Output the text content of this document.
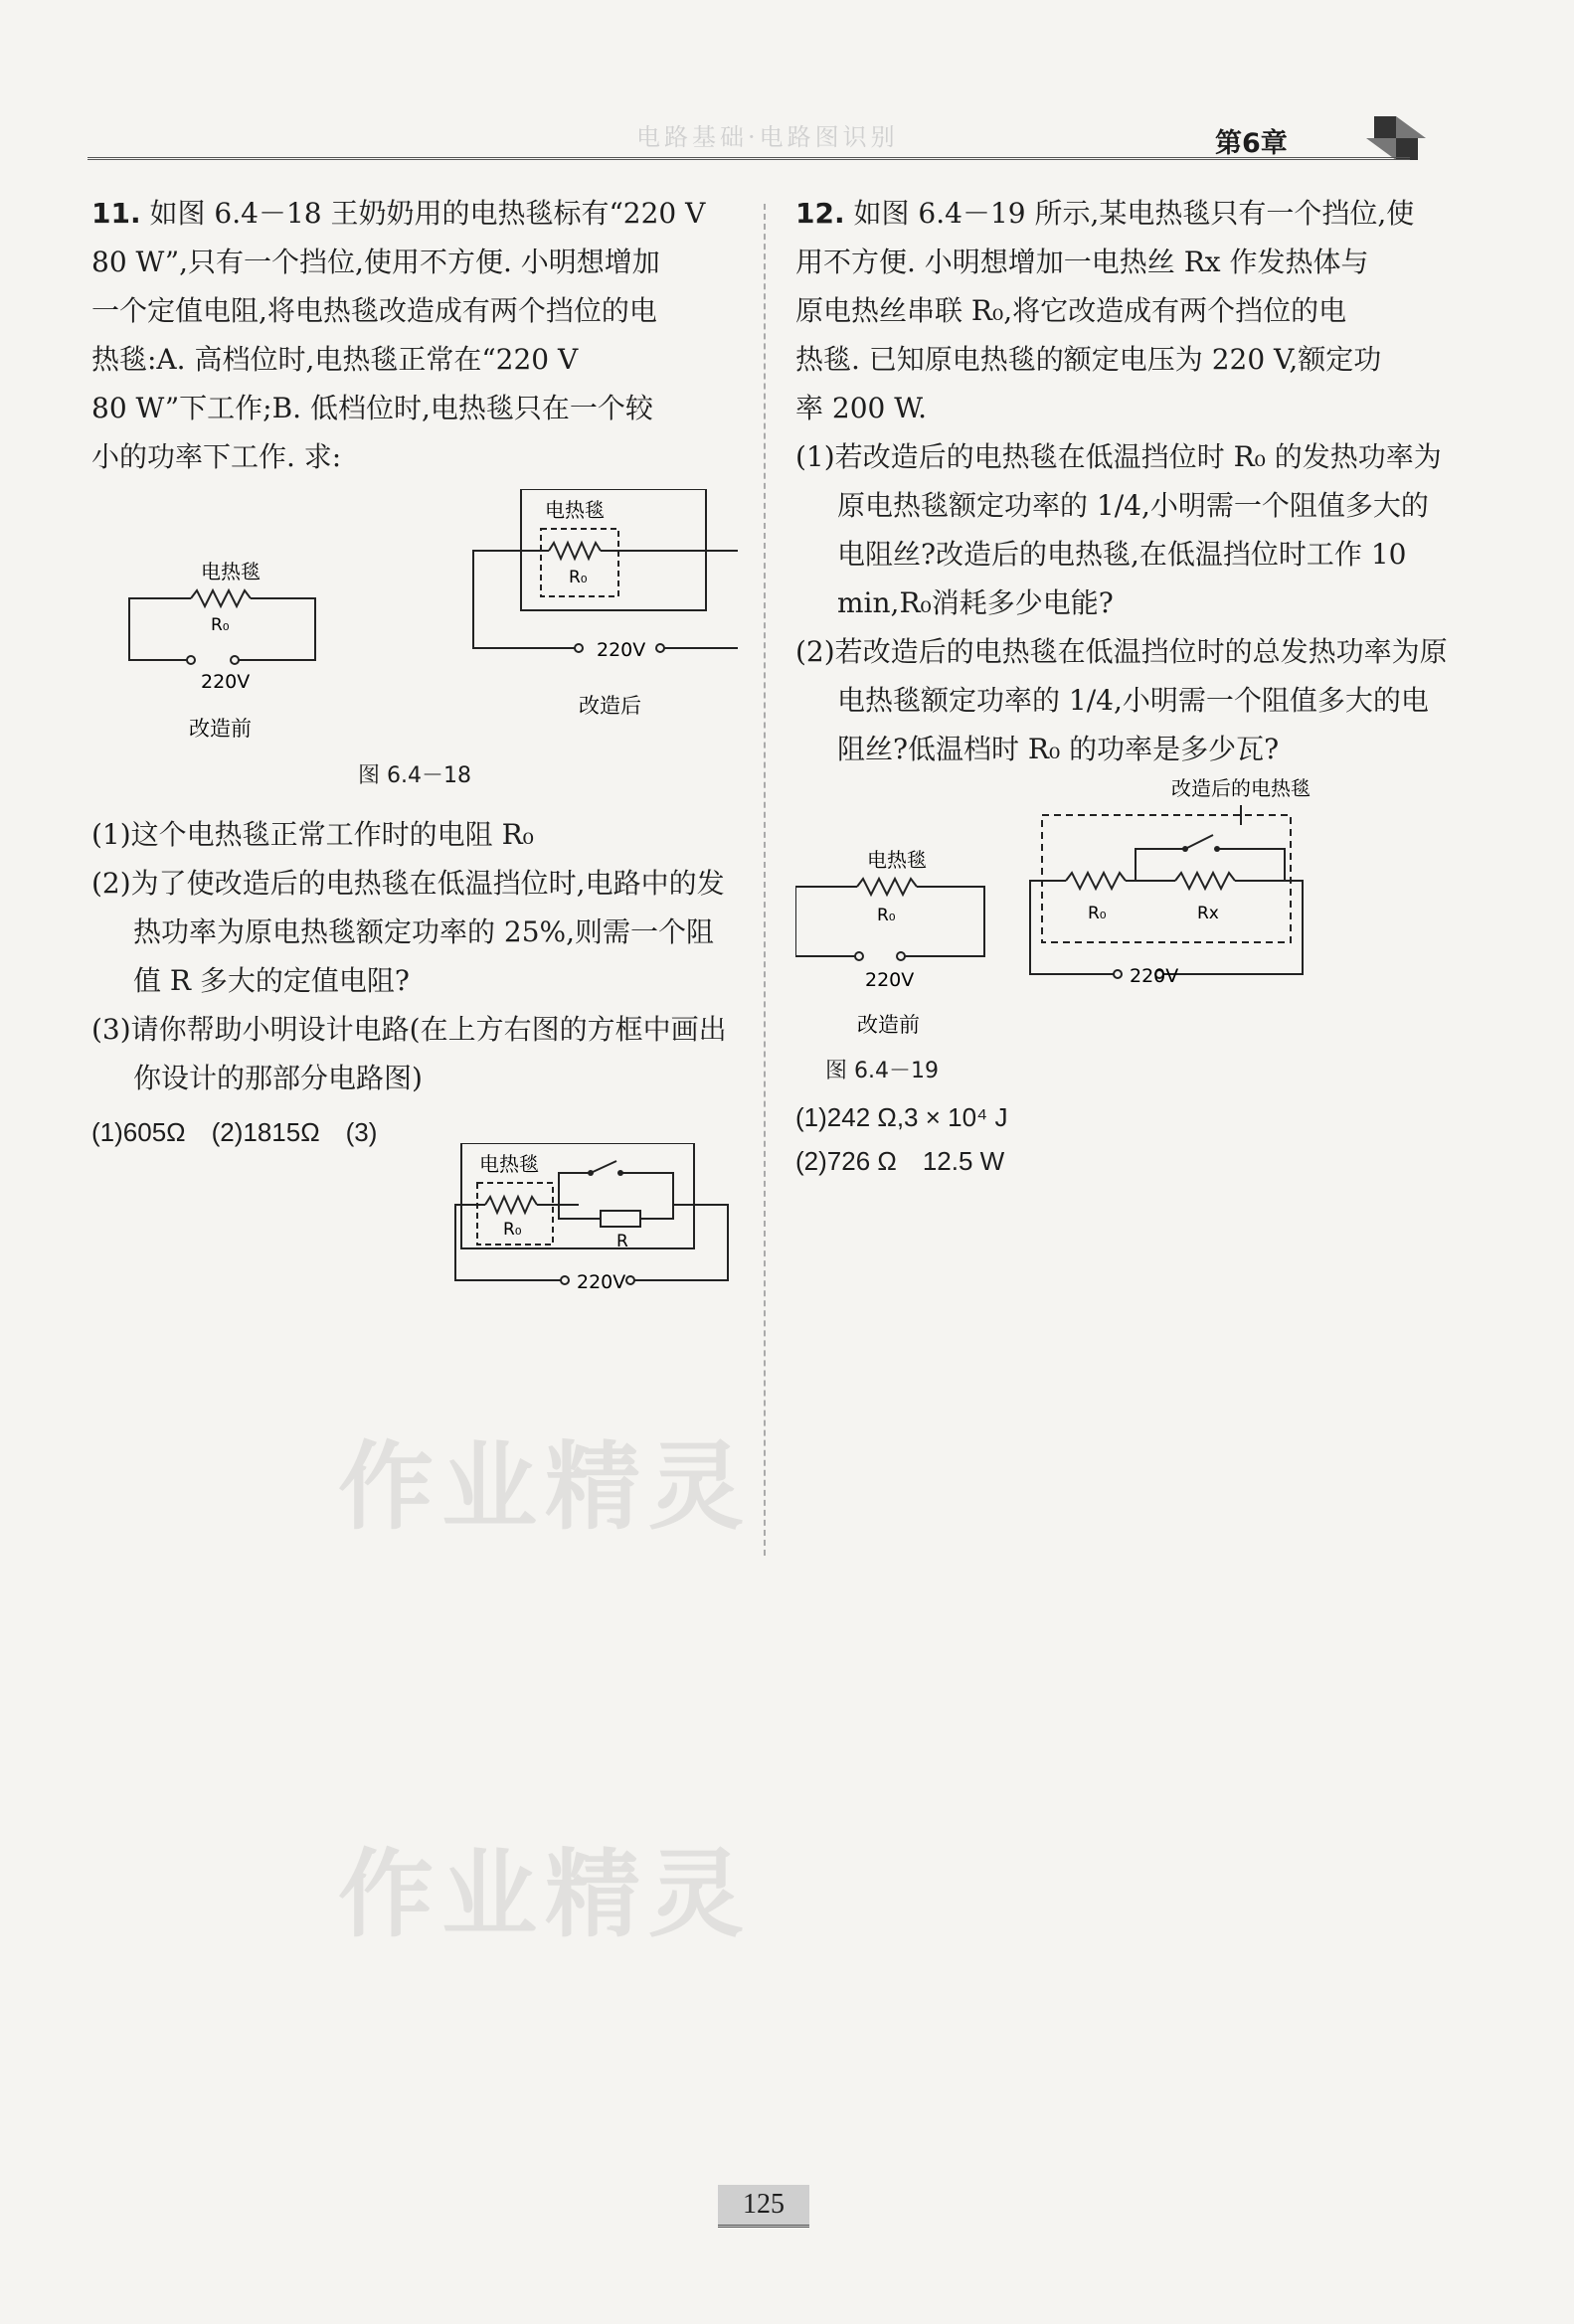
电路基础·电路图识别	第6章

11. 如图 6.4－18 王奶奶用的电热毯标有“220 V

80 W”,只有一个挡位,使用不方便. 小明想增加

一个定值电阻,将电热毯改造成有两个挡位的电

热毯:A. 高档位时,电热毯正常在“220 V

80 W”下工作;B. 低档位时,电热毯只在一个较

小的功率下工作. 求:

电热毯
R₀
220V
改造前
电热毯
R₀
220V
改造后
图 6.4－18

(1)这个电热毯正常工作时的电阻 R₀

(2)为了使改造后的电热毯在低温挡位时,电路中的发热功率为原电热毯额定功率的 25%,则需一个阻值 R 多大的定值电阻?

(3)请你帮助小明设计电路(在上方右图的方框中画出你设计的那部分电路图)

(1)605Ω　(2)1815Ω　(3)

电热毯
R₀
R
220V

12. 如图 6.4－19 所示,某电热毯只有一个挡位,使

用不方便. 小明想增加一电热丝 Rx 作发热体与

原电热丝串联 R₀,将它改造成有两个挡位的电

热毯. 已知原电热毯的额定电压为 220 V,额定功

率 200 W.

(1)若改造后的电热毯在低温挡位时 R₀ 的发热功率为原电热毯额定功率的 1/4,小明需一个阻值多大的电阻丝?改造后的电热毯,在低温挡位时工作 10 min,R₀消耗多少电能?

(2)若改造后的电热毯在低温挡位时的总发热功率为原电热毯额定功率的 1/4,小明需一个阻值多大的电阻丝?低温档时 R₀ 的功率是多少瓦?

电热毯
R₀
220V
改造前
改造后的电热毯
R₀	Rx
220V
图 6.4－19

(1)242 Ω,3 × 10⁴ J

(2)726 Ω　12.5 W

作业精灵
作业精灵
125
